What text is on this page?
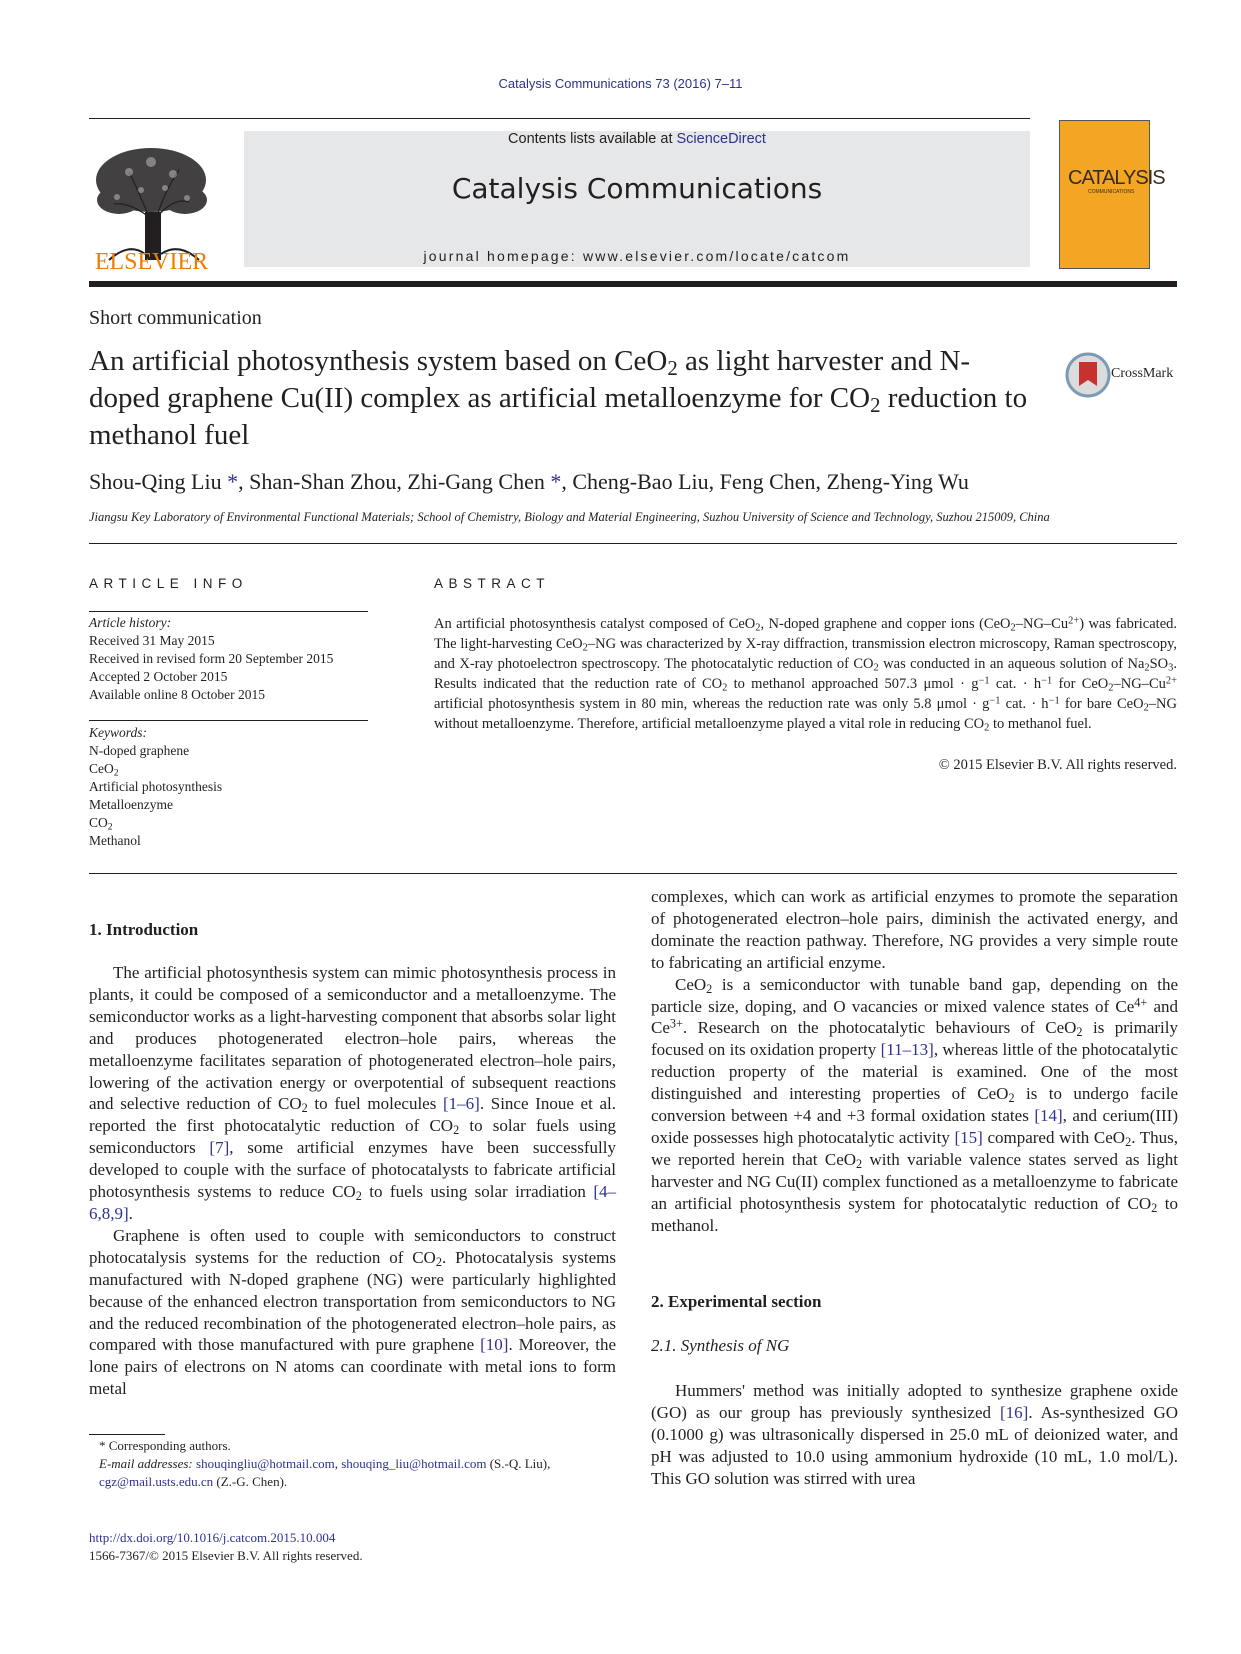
Catalysis Communications 73 (2016) 7–11
ELSEVIER
Contents lists available at ScienceDirect
Catalysis Communications
journal homepage: www.elsevier.com/locate/catcom
CATALYSIS
COMMUNICATIONS
Short communication
An artificial photosynthesis system based on CeO$_2$ as light harvester and N-doped graphene Cu(II) complex as artificial metalloenzyme for $CO_2$ reduction to methanol fuel
CrossMark
Shou-Qing Liu *, Shan-Shan Zhou, Zhi-Gang Chen *, Cheng-Bao Liu, Feng Chen, Zheng-Ying Wu
Jiangsu Key Laboratory of Environmental Functional Materials; School of Chemistry, Biology and Material Engineering, Suzhou University of Science and Technology, Suzhou 215009, China
ARTICLE INFO	ABSTRACT
Article history:
Received 31 May 2015
Received in revised form 20 September 2015
Accepted 2 October 2015
Available online 8 October 2015
Keywords:
N-doped graphene
CeO$_2$
Artificial photosynthesis
Metalloenzyme
$CO_2$
Methanol
An artificial photosynthesis catalyst composed of CeO$_2$, N-doped graphene and copper ions $(CeO_2-NG-Cu^{2+})$ was fabricated. The light-harvesting CeO$_2$–NG was characterized by X-ray diffraction, transmission electron microscopy, Raman spectroscopy, and X-ray photoelectron spectroscopy. The photocatalytic reduction of $CO_2$ was conducted in an aqueous solution of $Na_2SO_3$. Results indicated that the reduction rate of $CO_2$ to methanol approached 507.3 $\mu mol \cdot g^{-1}$ cat. · $h^{-1}$ for $CeO_2-NG-Cu^{2+}$ artificial photosynthesis system in 80 min, whereas the reduction rate was only 5.8 $\mu mol \cdot g^{-1}$ cat. · $h^{-1}$ for bare CeO$_2$–NG without metalloenzyme. Therefore, artificial metalloenzyme played a vital role in reducing $CO_2$ to methanol fuel.
© 2015 Elsevier B.V. All rights reserved.
1. Introduction

The artificial photosynthesis system can mimic photosynthesis process in plants, it could be composed of a semiconductor and a metalloenzyme. The semiconductor works as a light-harvesting component that absorbs solar light and produces photogenerated electron–hole pairs, whereas the metalloenzyme facilitates separation of photogenerated electron–hole pairs, lowering of the activation energy or overpotential of subsequent reactions and selective reduction of $CO_2$ to fuel molecules [1–6]. Since Inoue et al. reported the first photocatalytic reduction of $CO_2$ to solar fuels using semiconductors [7], some artificial enzymes have been successfully developed to couple with the surface of photocatalysts to fabricate artificial photosynthesis systems to reduce $CO_2$ to fuels using solar irradiation [4–6,8,9].

Graphene is often used to couple with semiconductors to construct photocatalysis systems for the reduction of $CO_2$. Photocatalysis systems manufactured with N-doped graphene (NG) were particularly highlighted because of the enhanced electron transportation from semiconductors to NG and the reduced recombination of the photogenerated electron–hole pairs, as compared with those manufactured with pure graphene [10]. Moreover, the lone pairs of electrons on N atoms can coordinate with metal ions to form metal

complexes, which can work as artificial enzymes to promote the separation of photogenerated electron–hole pairs, diminish the activated energy, and dominate the reaction pathway. Therefore, NG provides a very simple route to fabricating an artificial enzyme.

CeO$_2$ is a semiconductor with tunable band gap, depending on the particle size, doping, and O vacancies or mixed valence states of $Ce^{4+}$ and $Ce^{3+}$. Research on the photocatalytic behaviours of CeO$_2$ is primarily focused on its oxidation property [11–13], whereas little of the photocatalytic reduction property of the material is examined. One of the most distinguished and interesting properties of CeO$_2$ is to undergo facile conversion between +4 and +3 formal oxidation states [14], and cerium(III) oxide possesses high photocatalytic activity [15] compared with CeO$_2$. Thus, we reported herein that CeO$_2$ with variable valence states served as light harvester and NG Cu(II) complex functioned as a metalloenzyme to fabricate an artificial photosynthesis system for photocatalytic reduction of $CO_2$ to methanol.

2. Experimental section
2.1. Synthesis of NG

Hummers' method was initially adopted to synthesize graphene oxide (GO) as our group has previously synthesized [16]. As-synthesized GO (0.1000 g) was ultrasonically dispersed in 25.0 mL of deionized water, and pH was adjusted to 10.0 using ammonium hydroxide (10 mL, 1.0 mol/L). This GO solution was stirred with urea

* Corresponding authors.
E-mail addresses: shouqingliu@hotmail.com, shouqing_liu@hotmail.com (S.-Q. Liu), cgz@mail.usts.edu.cn (Z.-G. Chen).
http://dx.doi.org/10.1016/j.catcom.2015.10.004
1566-7367/© 2015 Elsevier B.V. All rights reserved.
